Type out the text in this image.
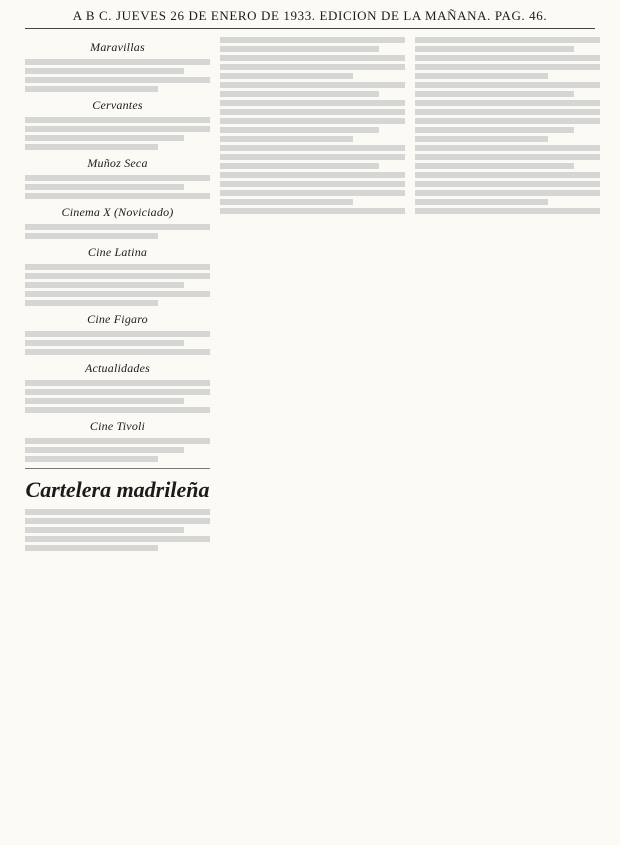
A B C. JUEVES 26 DE ENERO DE 1933. EDICION DE LA MAÑANA. PAG. 46.
Maravillas
Cervantes
Muñoz Seca
Cinema X (Noviciado)
Cine Latina
Cine Figaro
Actualidades
Cine Tivoli
Cartelera madrileña
